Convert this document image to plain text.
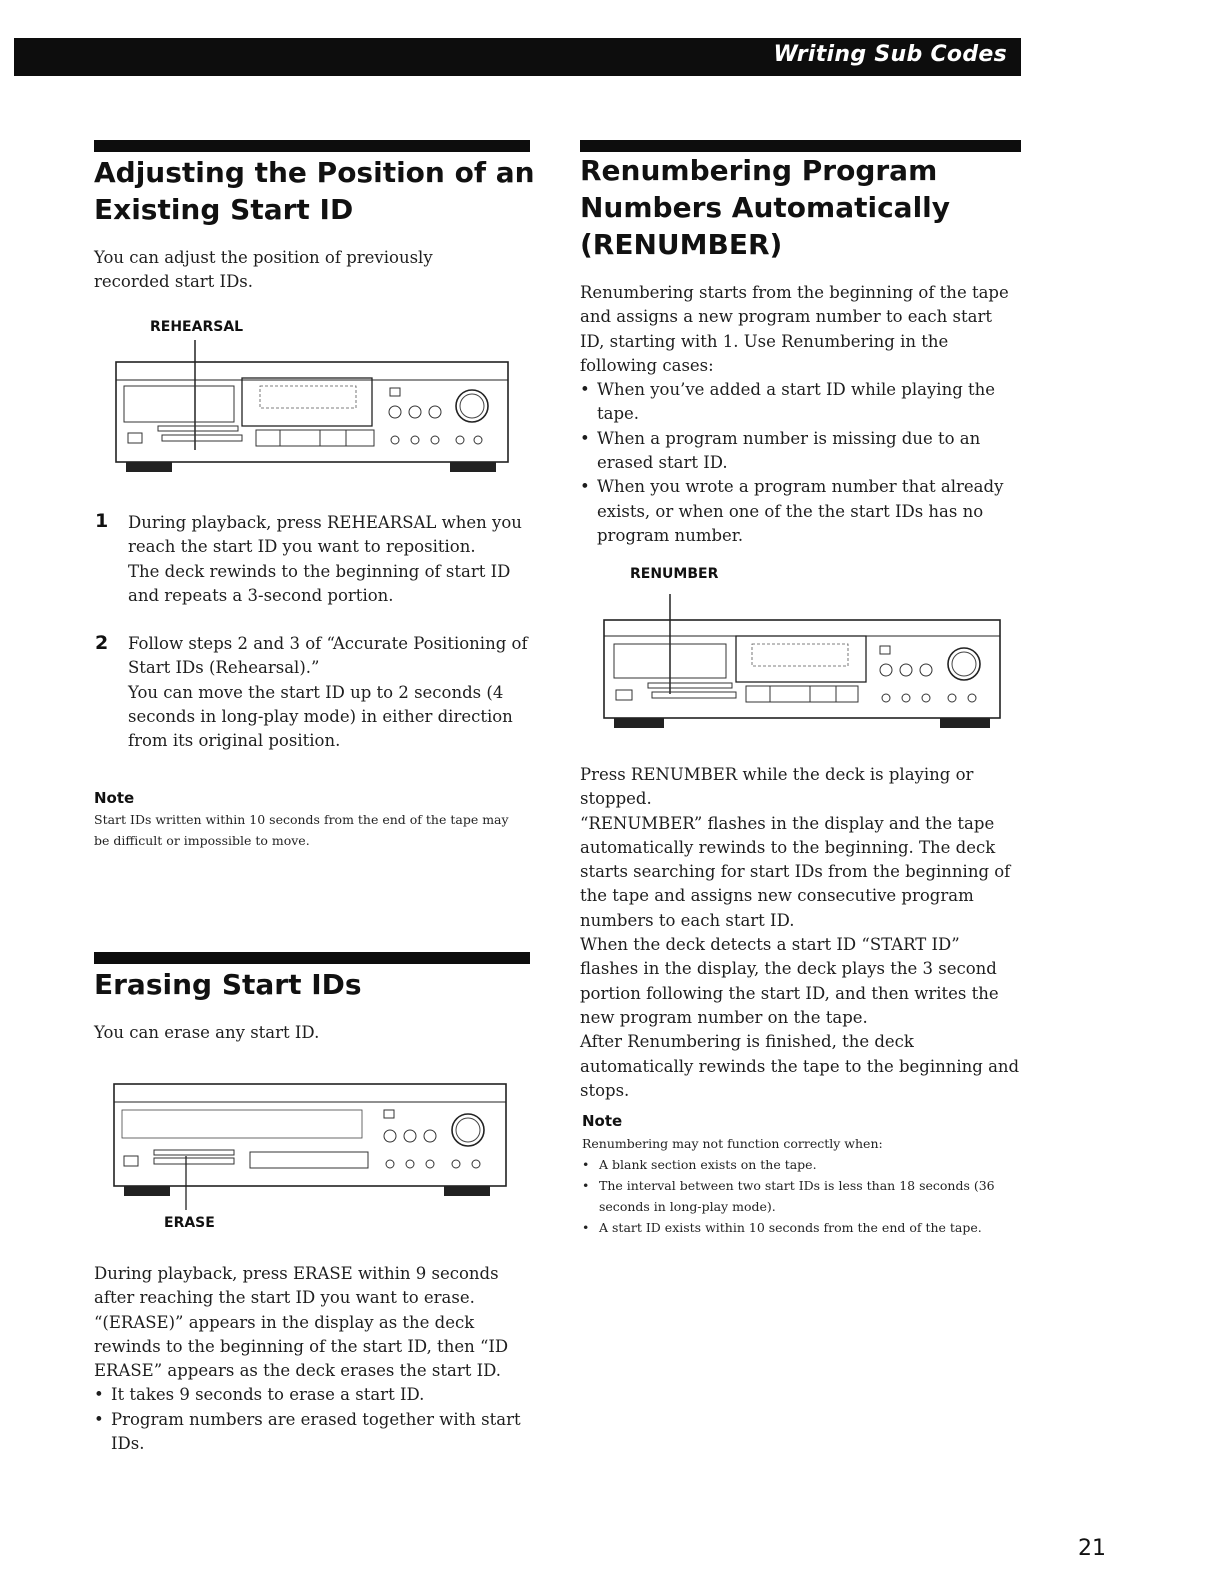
Writing Sub Codes
Adjusting the Position of an
Existing Start ID
You can adjust the position of previously recorded start IDs.
REHEARSAL
1 During playback, press REHEARSAL when you reach the start ID you want to reposition.

The deck rewinds to the beginning of start ID and repeats a 3-second portion.

2 Follow steps 2 and 3 of “Accurate Positioning of Start IDs (Rehearsal).”

You can move the start ID up to 2 seconds (4 seconds in long-play mode) in either direction from its original position.

Note
Start IDs written within 10 seconds from the end of the tape may be difficult or impossible to move.
Erasing Start IDs
You can erase any start ID.
ERASE

During playback, press ERASE within 9 seconds after reaching the start ID you want to erase. “(ERASE)” appears in the display as the deck rewinds to the beginning of the start ID, then “ID ERASE” appears as the deck erases the start ID.

• It takes 9 seconds to erase a start ID.
• Program numbers are erased together with start IDs.
Renumbering Program
Numbers Automatically
(RENUMBER)

Renumbering starts from the beginning of the tape and assigns a new program number to each start ID, starting with 1. Use Renumbering in the following cases:

• When you’ve added a start ID while playing the tape.
• When a program number is missing due to an erased start ID.
• When you wrote a program number that already exists, or when one of the the start IDs has no program number.
RENUMBER

Press RENUMBER while the deck is playing or stopped.

“RENUMBER” flashes in the display and the tape automatically rewinds to the beginning. The deck starts searching for start IDs from the beginning of the tape and assigns new consecutive program numbers to each start ID.

When the deck detects a start ID “START ID” flashes in the display, the deck plays the 3 second portion following the start ID, and then writes the new program number on the tape.

After Renumbering is finished, the deck automatically rewinds the tape to the beginning and stops.

Note

Renumbering may not function correctly when:

• A blank section exists on the tape.
• The interval between two start IDs is less than 18 seconds (36 seconds in long-play mode).
• A start ID exists within 10 seconds from the end of the tape.
21
